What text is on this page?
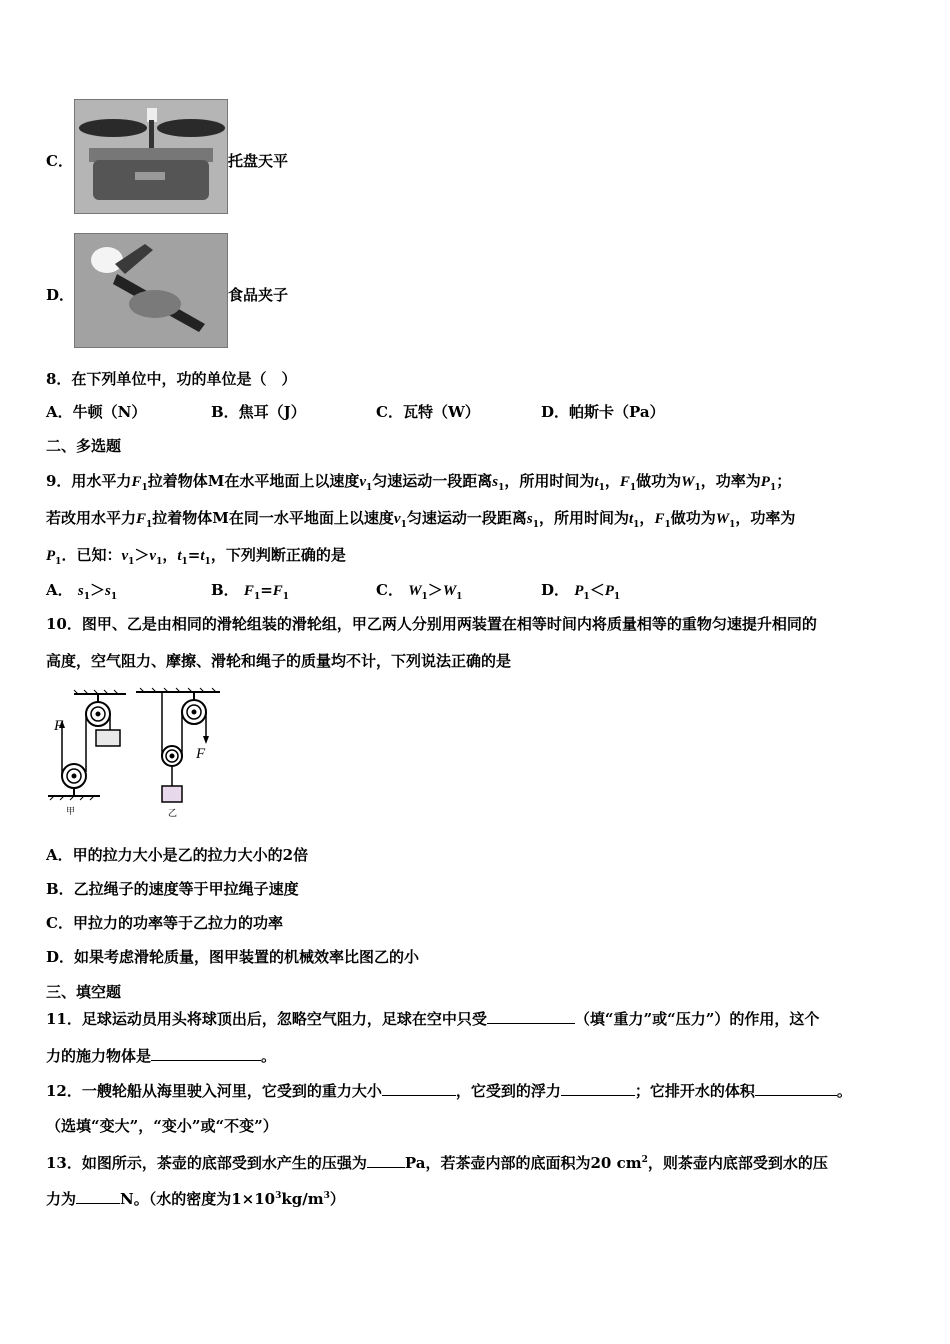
C．	托盘天平
D．	食品夹子
8．在下列单位中，功的单位是（　）
A．牛顿（N）	B．焦耳（J）	C．瓦特（W）	D．帕斯卡（Pa）
二、多选题
9．用水平力$F_1$拉着物体M在水平地面上以速度$v_1$匀速运动一段距离$s_1$，所用时间为$t_1$，$F_1$做功为$W_1$，功率为$P_1$；
若改用水平力$F_1$拉着物体M在同一水平地面上以速度$v_1$匀速运动一段距离$s_1$，所用时间为$t_1$，$F_1$做功为$W_1$，功率为
$P_1$．已知：$v_1>v_1$，$t_1=t_1$，下列判断正确的是
A． $s_1>s_1$	B． $F_1=F_1$	C． $W_1>W_1$	D． $P_1<P_1$
10．图甲、乙是由相同的滑轮组装的滑轮组，甲乙两人分别用两装置在相等时间内将质量相等的重物匀速提升相同的
高度，空气阻力、摩擦、滑轮和绳子的质量均不计，下列说法正确的是
F
甲
F
乙
A．甲的拉力大小是乙的拉力大小的2倍
B．乙拉绳子的速度等于甲拉绳子速度
C．甲拉力的功率等于乙拉力的功率
D．如果考虑滑轮质量，图甲装置的机械效率比图乙的小
三、填空题
11．足球运动员用头将球顶出后，忽略空气阻力，足球在空中只受	（填“重力”或“压力”）的作用，这个
力的施力物体是	。
12．一艘轮船从海里驶入河里，它受到的重力大小	，它受到的浮力	；它排开水的体积	。
（选填“变大”，“变小”或“不变”）
13．如图所示，茶壶的底部受到水产生的压强为	Pa，若茶壶内部的底面积为20 $cm^2$，则茶壶内底部受到水的压
力为	N。（水的密度为$1\times 10^3kg/m^3$）
